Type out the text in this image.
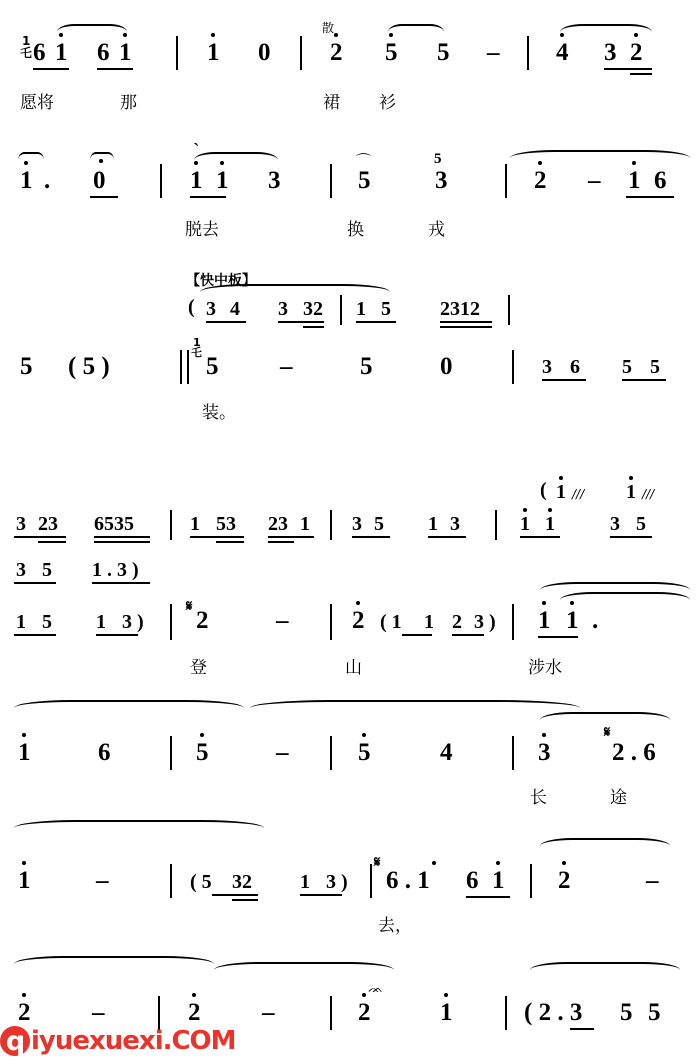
散
1
乇 6 1 6 1	1 0 2 5 5 – 4 3 2
愿将	那	裙 衫
1 . 0	1 1 3
ˋ
5
⌒
3
5
2 – 1 6
脱去	换	戎
【快中板】
( 3 4 3 32 1 5 2312
5 ( 5 )
1
乇
5 –	5	0	3 6 5 5
装。
( 1 /// 1 ///
3 23 6535	1 53 23 1 3 5 1 3	1 1	3 5
3 5 1 . 3 )
1 5 1 3 )
𝄋 2	–	2 ( 1 1 2 3 ) 1 1 .
登	山	涉水
1	6	5	–	5	4	3
𝄋
2 . 6
长	途
1	–	( 5 32 1 3 )
𝄋
6 . 1 6 1 2	–
去，
2 –	2 –	2
ᨏ
1	( 2 . 3 5 5
q iyuexuexi.COM
